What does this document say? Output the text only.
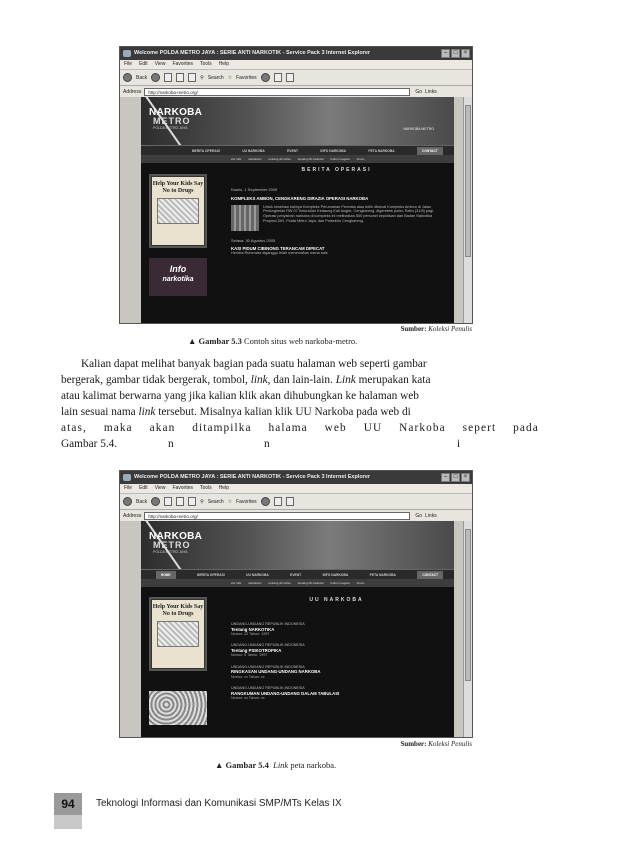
Welcome POLDA METRO JAYA : SERIE ANTI NARKOTIK - Service Pack 3 Internet Explorer	–	□	×
File Edit View Favorites Tools Help
Back	⚲ Search ☆ Favorites
Address	http://narkoba-metro.org/	Go Links
NARKOBA
METRO
POLDA METRO JAYA	NARKOBA METRO
BERITA OPERASI	UU NARKOBA	EVENT	INFO NARKOBA	PETA NARKOBA	CONTACT
visi misi sambutan tentang dit narko tentang dit narkoba hukum negara forum
Help Your Kids Say No to Drugs
Info
narkotika
BERITA OPERASI
Kamis, 1 September 2005
KOMPLEKS AMBON, CENGKARENG DIRAZIA OPERASI NARKOBA
Untuk kesekian kalinya Kompleks Perumahan Permata atau lebih dikenal Kompleks Ambon di Jalan Pedongkelan RW 07 Kelurahan Kedaung Kali Angke, Cengkareng, digerebek polisi, Rabu (31/8) pagi. Operasi penyisiran narkoba di kompleks ini melibatkan 500 personel kepolisian dari Badan Narkotika Propinsi DKI, Polda Metro Jaya, dan Polsektro Cengkareng.
Selasa, 30 Agustus 2005
KASI PIDUM CIBINONG TERANCAM DIPECAT
Hendra Ruhendra diganggu telah menemukan nama baik
Sumber: Koleksi Penulis
▲ Gambar 5.3 Contoh situs web narkoba-metro.

Kalian dapat melihat banyak bagian pada suatu halaman web seperti gambar

bergerak, gambar tidak bergerak, tombol, link, dan lain-lain. Link merupakan kata

atau kalimat berwarna yang jika kalian klik akan dihubungkan ke halaman web

lain sesuai nama link tersebut. Misalnya kalian klik UU Narkoba pada web di

atas, maka akan ditampilka halama web UU Narkoba sepert pada
Gambar 5.4.	n	n	i
Welcome POLDA METRO JAYA : SERIE ANTI NARKOTIK - Service Pack 3 Internet Explorer	–	□	×
File Edit View Favorites Tools Help
Back	⚲ Search ☆ Favorites
Address	http://narkoba-metro.org/	Go Links
NARKOBA
METRO
POLDA METRO JAYA
HOME	BERITA OPERASI	UU NARKOBA	EVENT	INFO NARKOBA	PETA NARKOBA	CONTACT
visi misi sambutan tentang dit narko tentang dit narkoba hukum negara forum
Help Your Kids Say No to Drugs
UU NARKOBA
UNDANG-UNDANG REPUBLIK INDONESIA
Tentang NARKOTIKA
Nomor: 22 Tahun: 1997
UNDANG-UNDANG REPUBLIK INDONESIA
Tentang PSIKOTROPIKA
Nomor: 5 Tahun: 1997
UNDANG-UNDANG REPUBLIK INDONESIA
RINGKASAN UNDANG-UNDANG NARKOBA
Nomor: xx Tahun: xx
UNDANG-UNDANG REPUBLIK INDONESIA
RANGKUMAN UNDANG-UNDANG DALAM TABULASI
Nomor: xx Tahun: xx
Sumber: Koleksi Penulis
▲ Gambar 5.4 Link peta narkoba.
94	Teknologi Informasi dan Komunikasi SMP/MTs Kelas IX
